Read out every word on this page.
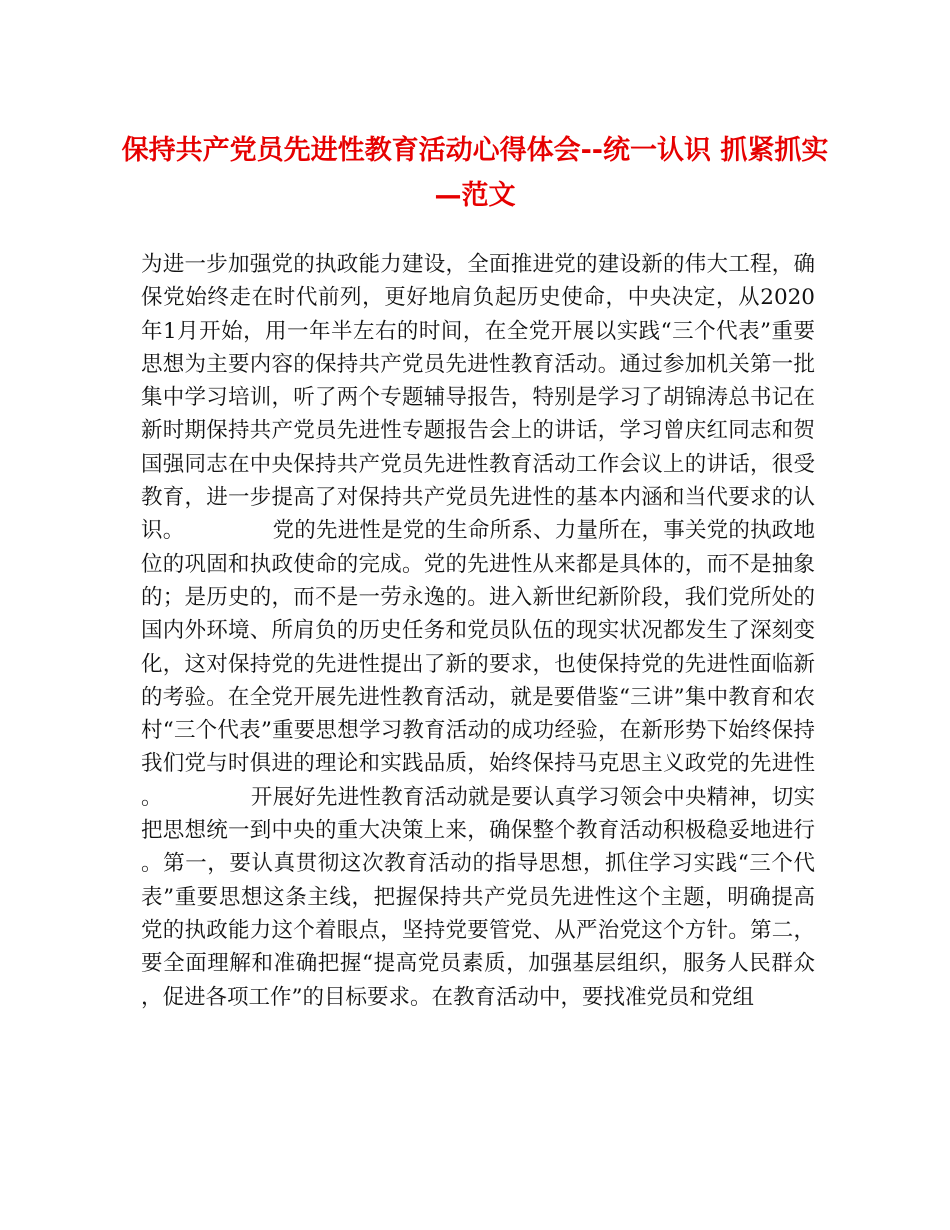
保持共产党员先进性教育活动心得体会--统一认识 抓紧抓实—范文

为进一步加强党的执政能力建设，全面推进党的建设新的伟大工程，确保党始终走在时代前列，更好地肩负起历史使命，中央决定，从2020年1月开始，用一年半左右的时间，在全党开展以实践“三个代表”重要思想为主要内容的保持共产党员先进性教育活动。通过参加机关第一批集中学习培训，听了两个专题辅导报告，特别是学习了胡锦涛总书记在新时期保持共产党员先进性专题报告会上的讲话，学习曾庆红同志和贺国强同志在中央保持共产党员先进性教育活动工作会议上的讲话，很受教育，进一步提高了对保持共产党员先进性的基本内涵和当代要求的认识。	党的先进性是党的生命所系、力量所在，事关党的执政地位的巩固和执政使命的完成。党的先进性从来都是具体的，而不是抽象的；是历史的，而不是一劳永逸的。进入新世纪新阶段，我们党所处的国内外环境、所肩负的历史任务和党员队伍的现实状况都发生了深刻变化，这对保持党的先进性提出了新的要求，也使保持党的先进性面临新的考验。在全党开展先进性教育活动，就是要借鉴“三讲”集中教育和农村“三个代表”重要思想学习教育活动的成功经验，在新形势下始终保持我们党与时俱进的理论和实践品质，始终保持马克思主义政党的先进性。	开展好先进性教育活动就是要认真学习领会中央精神，切实把思想统一到中央的重大决策上来，确保整个教育活动积极稳妥地进行。第一，要认真贯彻这次教育活动的指导思想，抓住学习实践“三个代表”重要思想这条主线，把握保持共产党员先进性这个主题，明确提高党的执政能力这个着眼点，坚持党要管党、从严治党这个方针。第二，要全面理解和准确把握“提高党员素质，加强基层组织，服务人民群众，促进各项工作”的目标要求。在教育活动中，要找准党员和党组
